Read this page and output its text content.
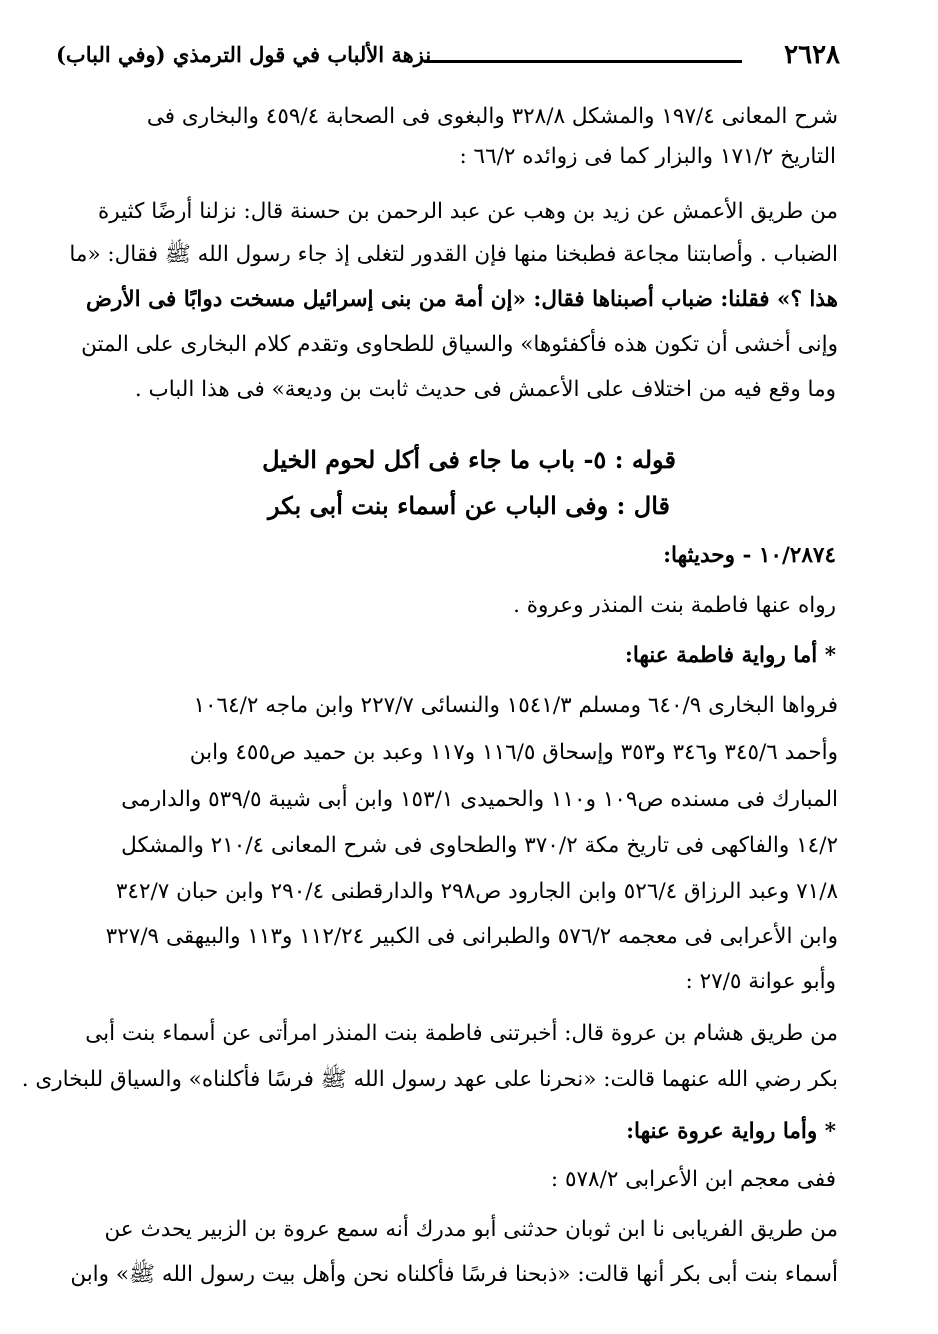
٢٦٢٨
نزهة الألباب في قول الترمذي (وفي الباب)
شرح المعانى ١٩٧/٤ والمشكل ٣٢٨/٨ والبغوى فى الصحابة ٤٥٩/٤ والبخارى فى
التاريخ ١٧١/٢ والبزار كما فى زوائده ٦٦/٢ :
من طريق الأعمش عن زيد بن وهب عن عبد الرحمن بن حسنة قال: نزلنا أرضًا كثيرة
الضباب . وأصابتنا مجاعة فطبخنا منها فإن القدور لتغلى إذ جاء رسول الله ﷺ فقال: «ما
هذا ؟» فقلنا: ضباب أصبناها فقال: «إن أمة من بنى إسرائيل مسخت دوابًا فى الأرض
وإنى أخشى أن تكون هذه فأكفئوها» والسياق للطحاوى وتقدم كلام البخارى على المتن
وما وقع فيه من اختلاف على الأعمش فى حديث ثابت بن وديعة» فى هذا الباب .
قوله : ٥- باب ما جاء فى أكل لحوم الخيل
قال : وفى الباب عن أسماء بنت أبى بكر
١٠/٢٨٧٤ - وحديثها:
رواه عنها فاطمة بنت المنذر وعروة .
* أما رواية فاطمة عنها:
فرواها البخارى ٦٤٠/٩ ومسلم ١٥٤١/٣ والنسائى ٢٢٧/٧ وابن ماجه ١٠٦٤/٢
وأحمد ٣٤٥/٦ و٣٤٦ و٣٥٣ وإسحاق ١١٦/٥ و١١٧ وعبد بن حميد ص٤٥٥ وابن
المبارك فى مسنده ص١٠٩ و١١٠ والحميدى ١٥٣/١ وابن أبى شيبة ٥٣٩/٥ والدارمى
١٤/٢ والفاكهى فى تاريخ مكة ٣٧٠/٢ والطحاوى فى شرح المعانى ٢١٠/٤ والمشكل
٧١/٨ وعبد الرزاق ٥٢٦/٤ وابن الجارود ص٢٩٨ والدارقطنى ٢٩٠/٤ وابن حبان ٣٤٢/٧
وابن الأعرابى فى معجمه ٥٧٦/٢ والطبرانى فى الكبير ١١٢/٢٤ و١١٣ والبيهقى ٣٢٧/٩
وأبو عوانة ٢٧/٥ :
من طريق هشام بن عروة قال: أخبرتنى فاطمة بنت المنذر امرأتى عن أسماء بنت أبى
بكر رضي الله عنهما قالت: «نحرنا على عهد رسول الله ﷺ فرسًا فأكلناه» والسياق للبخارى .
* وأما رواية عروة عنها:
ففى معجم ابن الأعرابى ٥٧٨/٢ :
من طريق الفريابى نا ابن ثوبان حدثنى أبو مدرك أنه سمع عروة بن الزبير يحدث عن
أسماء بنت أبى بكر أنها قالت: «ذبحنا فرسًا فأكلناه نحن وأهل بيت رسول الله ﷺ» وابن
